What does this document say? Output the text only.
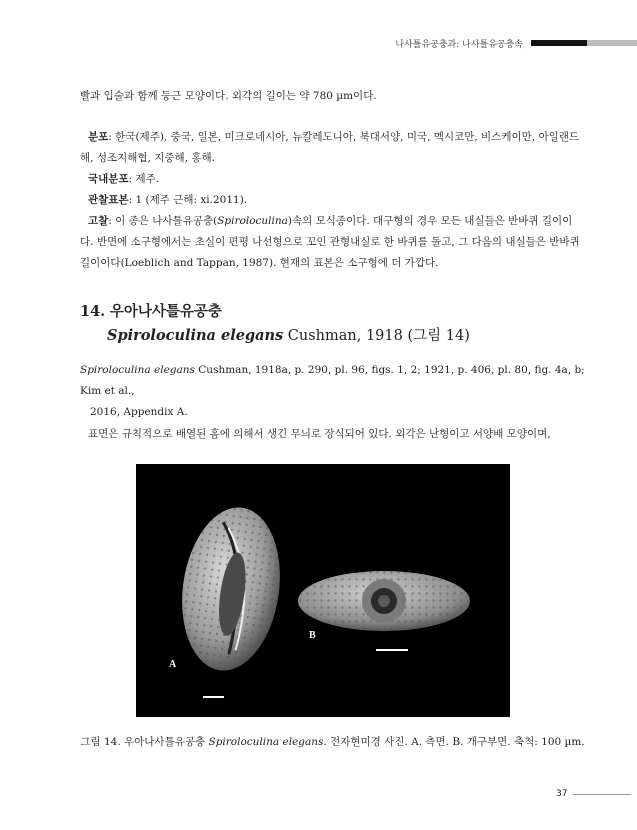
나사틀유공충과: 나사틀유공충속
빨과 입술과 함께 둥근 모양이다. 외각의 길이는 약 780 µm이다.
분포: 한국(제주), 중국, 일본, 미크로네시아, 뉴칼레도니아, 북대서양, 미국, 멕시코만, 비스케이만, 아일랜드해, 성조지해협, 지중해, 홍해.
국내분포: 제주.
관찰표본: 1 (제주 근해: xi.2011).
고찰: 이 종은 나사틀유공충(Spiroloculina)속의 모식종이다. 대구형의 경우 모든 내실들은 반바퀴 길이이다. 반면에 소구형에서는 초실이 편평 나선형으로 꼬인 관형내실로 한 바퀴를 돌고, 그 다음의 내실들은 반바퀴 길이이다(Loeblich and Tappan, 1987). 현재의 표본은 소구형에 더 가깝다.
14. 우아나사틀유공충
Spiroloculina elegans Cushman, 1918 (그림 14)
Spiroloculina elegans Cushman, 1918a, p. 290, pl. 96, figs. 1, 2; 1921, p. 406, pl. 80, fig. 4a, b; Kim et al.,
2016, Appendix A.
표면은 규칙적으로 배열된 홈에 의해서 생긴 무늬로 장식되어 있다. 외각은 난형이고 서양배 모양이며,
A
B
그림 14. 우아나사틀유공충 Spiroloculina elegans. 전자현미경 사진. A. 측면. B. 개구부면. 축척: 100 µm.
37
